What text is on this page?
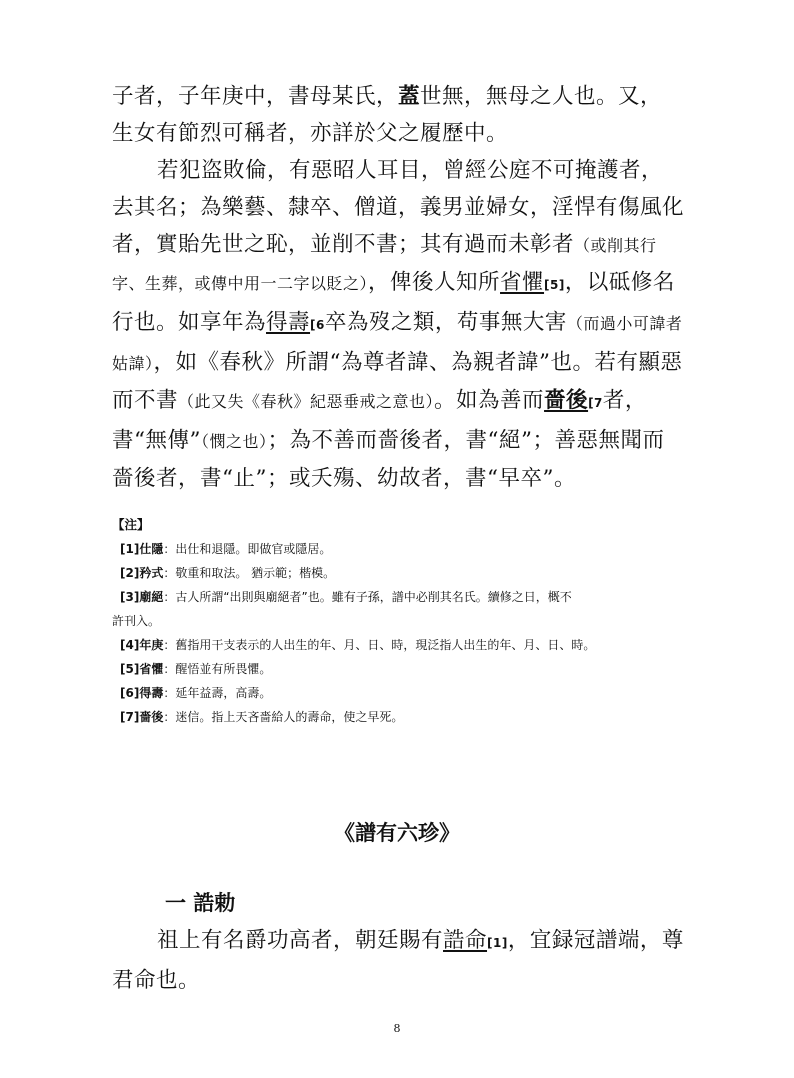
子者，子年庚中，書母某氏，蓋世無，無母之人也。又，生女有節烈可稱者，亦詳於父之履歷中。

若犯盗敗倫，有惡昭人耳目，曾經公庭不可掩護者，去其名；為樂藝、隸卒、僧道，義男並婦女，淫悍有傷風化者，實貽先世之恥，並削不書；其有過而未彰者（或削其行字、生葬，或傳中用一二字以貶之），俾後人知所省懼[5]，以砥修名行也。如享年為得壽[6卒為歿之類，苟事無大害（而過小可諱者姑諱），如《春秋》所謂“為尊者諱、為親者諱”也。若有顯惡而不書（此又失《春秋》紀惡垂戒之意也）。如為善而嗇後[7者，書“無傳”（憫之也）；為不善而嗇後者，書“絕”；善惡無聞而嗇後者，書“止”；或夭殤、幼故者，書“早卒”。

【注】

[1]仕隱：出仕和退隱。即做官或隱居。

[2]矜式：敬重和取法。 猶示範；楷模。

[3]廟絕：古人所謂“出則與廟絕者”也。雖有子孫，譜中必削其名氏。續修之日，概不

許刊入。

[4]年庚：舊指用干支表示的人出生的年、月、日、時，現泛指人出生的年、月、日、時。

[5]省懼：醒悟並有所畏懼。

[6]得壽：延年益壽，高壽。

[7]嗇後：迷信。指上天吝嗇給人的壽命，使之早死。

《譜有六珍》
一 誥勅

祖上有名爵功高者，朝廷賜有誥命[1]，宜録冠譜端，尊君命也。

8
